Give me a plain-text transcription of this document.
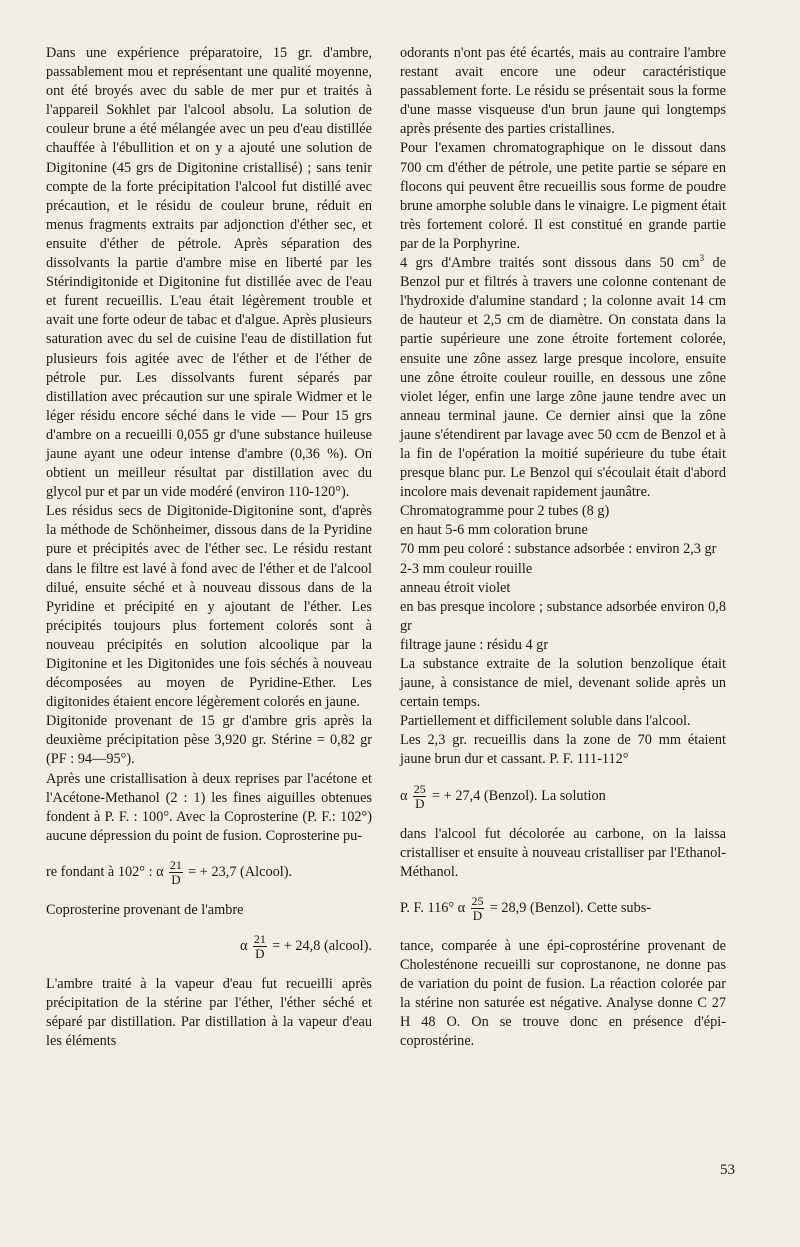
Dans une expérience préparatoire, 15 gr. d'ambre, passablement mou et représentant une qualité moyenne, ont été broyés avec du sable de mer pur et traités à l'appareil Sokhlet par l'alcool absolu. La solution de couleur brune a été mélangée avec un peu d'eau distillée chauffée à l'ébullition et on y a ajouté une solution de Digitonine (45 grs de Digitonine cristallisé) ; sans tenir compte de la forte précipitation l'alcool fut distillé avec précaution, et le résidu de couleur brune, réduit en menus fragments extraits par adjonction d'éther sec, et ensuite d'éther de pétrole. Après séparation des dissolvants la partie d'ambre mise en liberté par les Stérindigitonide et Digitonine fut distillée avec de l'eau et furent recueillis. L'eau était légèrement trouble et avait une forte odeur de tabac et d'algue. Après plusieurs saturation avec du sel de cuisine l'eau de distillation fut plusieurs fois agitée avec de l'éther et de l'éther de pétrole pur. Les dissolvants furent séparés par distillation avec précaution sur une spirale Widmer et le léger résidu encore séché dans le vide — Pour 15 grs d'ambre on a recueilli 0,055 gr d'une substance huileuse jaune ayant une odeur intense d'ambre (0,36 %). On obtient un meilleur résultat par distillation avec du glycol pur et par un vide modéré (environ 110-120°).

Les résidus secs de Digitonide-Digitonine sont, d'après la méthode de Schönheimer, dissous dans de la Pyridine pure et précipités avec de l'éther sec. Le résidu restant dans le filtre est lavé à fond avec de l'éther et de l'alcool dilué, ensuite séché et à nouveau dissous dans de la Pyridine et précipité en y ajoutant de l'éther. Les précipités toujours plus fortement colorés sont à nouveau précipités en solution alcoolique par la Digitonine et les Digitonides une fois séchés à nouveau décomposées au moyen de Pyridine-Ether. Les digitonides étaient encore légèrement colorés en jaune.

Digitonide provenant de 15 gr d'ambre gris après la deuxième précipitation pèse 3,920 gr. Stérine = 0,82 gr (PF : 94—95°).

Après une cristallisation à deux reprises par l'acétone et l'Acétone-Methanol (2 : 1) les fines aiguilles obtenues fondent à P. F. : 100°. Avec la Coprosterine (P. F.: 102°) aucune dépression du point de fusion. Coprosterine pu-

re fondant à 102° : α $\frac{21}{D}$ = + 23,7 (Alcool).

Coprosterine provenant de l'ambre

α $\frac{21}{D}$ = + 24,8 (alcool).

L'ambre traité à la vapeur d'eau fut recueilli après précipitation de la stérine par l'éther, l'éther séché et séparé par distillation. Par distillation à la vapeur d'eau les éléments

odorants n'ont pas été écartés, mais au contraire l'ambre restant avait encore une odeur caractéristique passablement forte. Le résidu se présentait sous la forme d'une masse visqueuse d'un brun jaune qui longtemps après présente des parties cristallines.

Pour l'examen chromatographique on le dissout dans 700 cm d'éther de pétrole, une petite partie se sépare en flocons qui peuvent être recueillis sous forme de poudre brune amorphe soluble dans le vinaigre. Le pigment était très fortement coloré. Il est constitué en grande partie par de la Porphyrine.

4 grs d'Ambre traités sont dissous dans 50 $cm^3$ de Benzol pur et filtrés à travers une colonne contenant de l'hydroxide d'alumine standard ; la colonne avait 14 cm de hauteur et 2,5 cm de diamètre. On constata dans la partie supérieure une zone étroite fortement colorée, ensuite une zône assez large presque incolore, ensuite une zône étroite couleur rouille, en dessous une zône violet léger, enfin une large zône jaune tendre avec un anneau terminal jaune. Ce dernier ainsi que la zône jaune s'étendirent par lavage avec 50 ccm de Benzol et à la fin de l'opération la moitié supérieure du tube était presque blanc pur. Le Benzol qui s'écoulait était d'abord incolore mais devenait rapidement jaunâtre.

Chromatogramme pour 2 tubes (8 g)

en haut 5-6 mm coloration brune

70 mm peu coloré : substance adsorbée : environ 2,3 gr

2-3 mm couleur rouille

anneau étroit violet

en bas presque incolore ; substance adsorbée environ 0,8 gr

filtrage jaune : résidu 4 gr

La substance extraite de la solution benzolique était jaune, à consistance de miel, devenant solide après un certain temps.

Partiellement et difficilement soluble dans l'alcool.

Les 2,3 gr. recueillis dans la zone de 70 mm étaient jaune brun dur et cassant. P. F. 111-112°

α $\frac{25}{D}$ = + 27,4 (Benzol). La solution

dans l'alcool fut décolorée au carbone, on la laissa cristalliser et ensuite à nouveau cristalliser par l'Ethanol-Méthanol.

P. F. 116° α $\frac{25}{D} = 28,9$ (Benzol). Cette subs-

tance, comparée à une épi-coprostérine provenant de Cholesténone recueilli sur coprostanone, ne donne pas de variation du point de fusion. La réaction colorée par la stérine non saturée est négative. Analyse donne C 27 H 48 O. On se trouve donc en présence d'épi-coprostérine.

53
